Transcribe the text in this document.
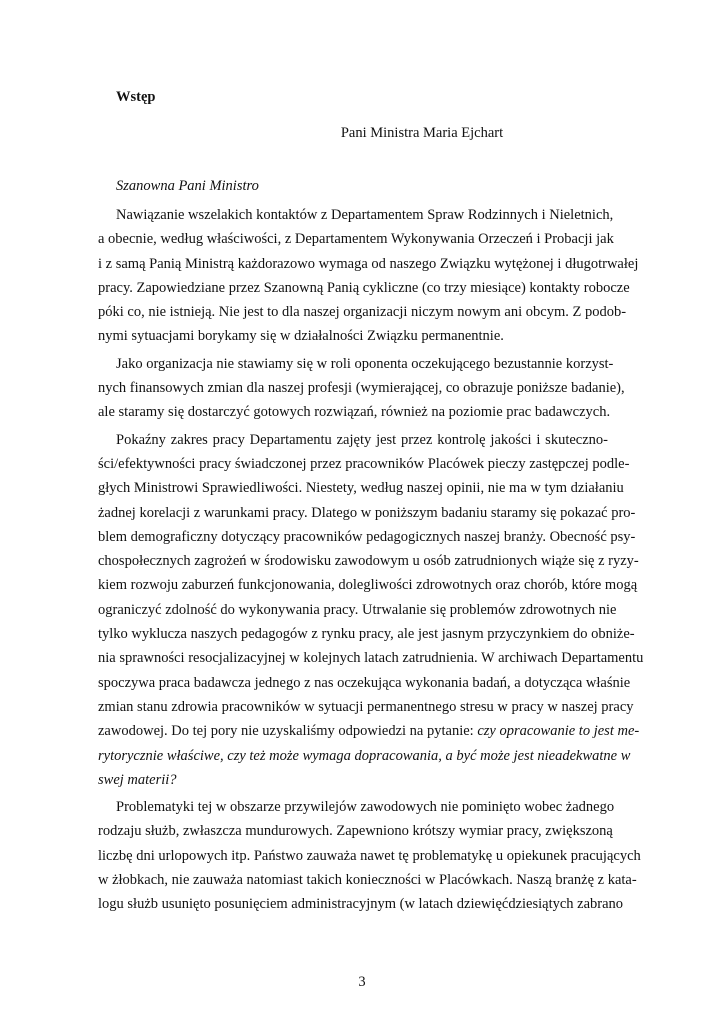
Wstęp
Pani Ministra Maria Ejchart
Szanowna Pani Ministro
Nawiązanie wszelakich kontaktów z Departamentem Spraw Rodzinnych i Nieletnich,
a obecnie, według właściwości, z Departamentem Wykonywania Orzeczeń i Probacji jak
i z samą Panią Ministrą każdorazowo wymaga od naszego Związku wytężonej i długotrwałej
pracy. Zapowiedziane przez Szanowną Panią cykliczne (co trzy miesiące) kontakty robocze
póki co, nie istnieją. Nie jest to dla naszej organizacji niczym nowym ani obcym. Z podob-
nymi sytuacjami borykamy się w działalności Związku permanentnie.
Jako organizacja nie stawiamy się w roli oponenta oczekującego bezustannie korzyst-
nych finansowych zmian dla naszej profesji (wymierającej, co obrazuje poniższe badanie),
ale staramy się dostarczyć gotowych rozwiązań, również na poziomie prac badawczych.
Pokaźny zakres pracy Departamentu zajęty jest przez kontrolę jakości i skuteczno-
ści/efektywności pracy świadczonej przez pracowników Placówek pieczy zastępczej podle-
głych Ministrowi Sprawiedliwości. Niestety, według naszej opinii, nie ma w tym działaniu
żadnej korelacji z warunkami pracy. Dlatego w poniższym badaniu staramy się pokazać pro-
blem demograficzny dotyczący pracowników pedagogicznych naszej branży. Obecność psy-
chospołecznych zagrożeń w środowisku zawodowym u osób zatrudnionych wiąże się z ryzy-
kiem rozwoju zaburzeń funkcjonowania, dolegliwości zdrowotnych oraz chorób, które mogą
ograniczyć zdolność do wykonywania pracy. Utrwalanie się problemów zdrowotnych nie
tylko wyklucza naszych pedagogów z rynku pracy, ale jest jasnym przyczynkiem do obniże-
nia sprawności resocjalizacyjnej w kolejnych latach zatrudnienia. W archiwach Departamentu
spoczywa praca badawcza jednego z nas oczekująca wykonania badań, a dotycząca właśnie
zmian stanu zdrowia pracowników w sytuacji permanentnego stresu w pracy w naszej pracy
zawodowej. Do tej pory nie uzyskaliśmy odpowiedzi na pytanie: czy opracowanie to jest me-
rytorycznie właściwe, czy też może wymaga dopracowania, a być może jest nieadekwatne w
swej materii?
Problematyki tej w obszarze przywilejów zawodowych nie pominięto wobec żadnego
rodzaju służb, zwłaszcza mundurowych. Zapewniono krótszy wymiar pracy, zwiększoną
liczbę dni urlopowych itp. Państwo zauważa nawet tę problematykę u opiekunek pracujących
w żłobkach, nie zauważa natomiast takich konieczności w Placówkach. Naszą branżę z kata-
logu służb usunięto posunięciem administracyjnym (w latach dziewięćdziesiątych zabrano
3
